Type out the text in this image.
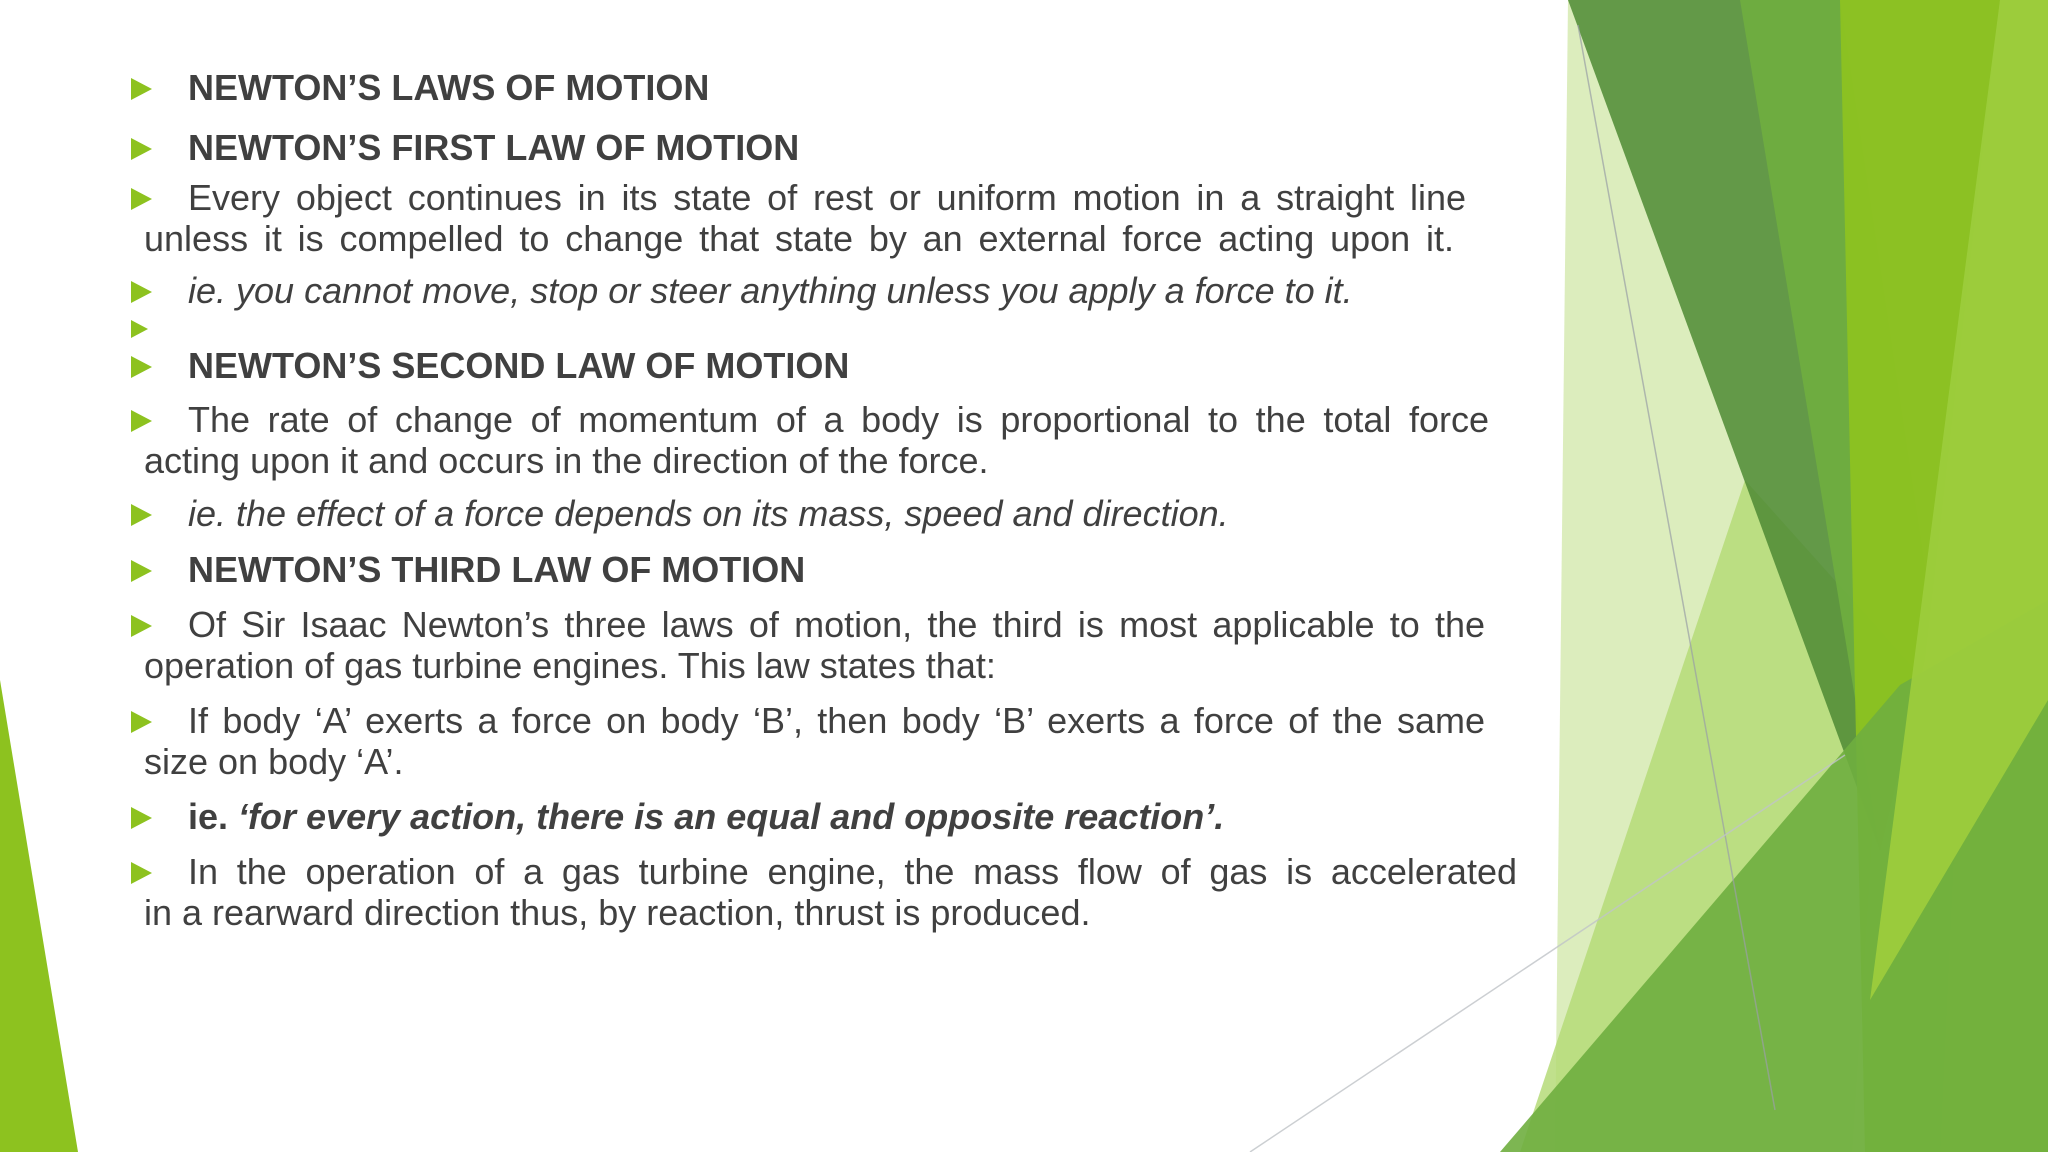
NEWTON’S LAWS OF MOTION
NEWTON’S FIRST LAW OF MOTION
Every object continues in its state of rest or uniform motion in a straight line
unless it is compelled to change that state by an external force acting upon it.
ie. you cannot move, stop or steer anything unless you apply a force to it.
NEWTON’S SECOND LAW OF MOTION
The rate of change of momentum of a body is proportional to the total force
acting upon it and occurs in the direction of the force.
ie. the effect of a force depends on its mass, speed and direction.
NEWTON’S THIRD LAW OF MOTION
Of Sir Isaac Newton’s three laws of motion, the third is most applicable to the
operation of gas turbine engines. This law states that:
If body ‘A’ exerts a force on body ‘B’, then body ‘B’ exerts a force of the same
size on body ‘A’.
ie. ‘for every action, there is an equal and opposite reaction’.
In the operation of a gas turbine engine, the mass flow of gas is accelerated
in a rearward direction thus, by reaction, thrust is produced.
